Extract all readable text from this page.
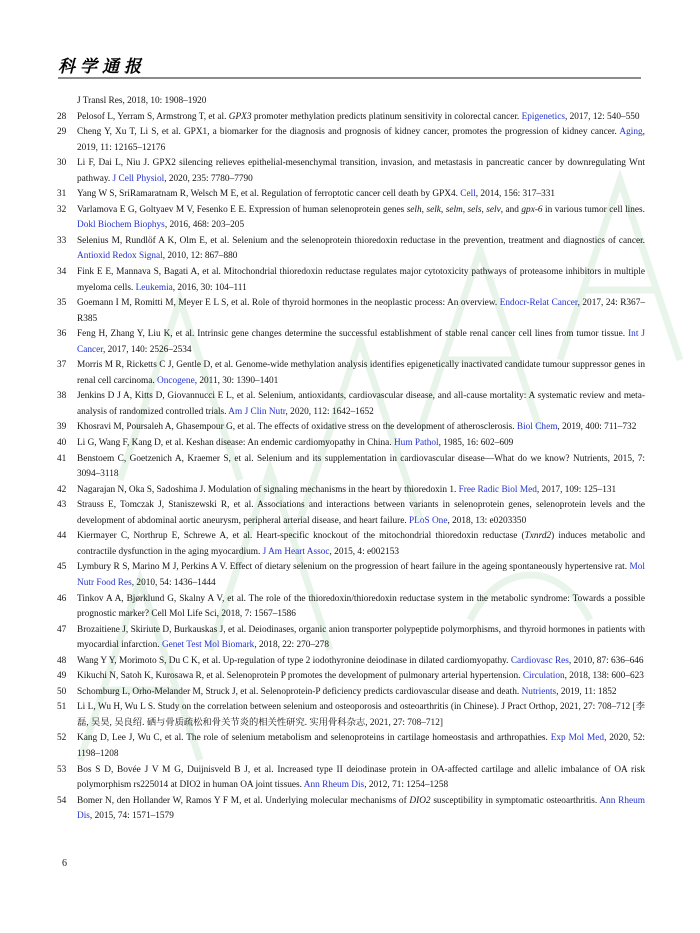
科学通报
J Transl Res, 2018, 10: 1908–1920
28	Pelosof L, Yerram S, Armstrong T, et al. GPX3 promoter methylation predicts platinum sensitivity in colorectal cancer. Epigenetics, 2017, 12: 540–550
29	Cheng Y, Xu T, Li S, et al. GPX1, a biomarker for the diagnosis and prognosis of kidney cancer, promotes the progression of kidney cancer. Aging, 2019, 11: 12165–12176
30	Li F, Dai L, Niu J. GPX2 silencing relieves epithelial-mesenchymal transition, invasion, and metastasis in pancreatic cancer by downregulating Wnt pathway. J Cell Physiol, 2020, 235: 7780–7790
31	Yang W S, SriRamaratnam R, Welsch M E, et al. Regulation of ferroptotic cancer cell death by GPX4. Cell, 2014, 156: 317–331
32	Varlamova E G, Goltyaev M V, Fesenko E E. Expression of human selenoprotein genes selh, selk, selm, sels, selv, and gpx-6 in various tumor cell lines. Dokl Biochem Biophys, 2016, 468: 203–205
33	Selenius M, Rundlöf A K, Olm E, et al. Selenium and the selenoprotein thioredoxin reductase in the prevention, treatment and diagnostics of cancer. Antioxid Redox Signal, 2010, 12: 867–880
34	Fink E E, Mannava S, Bagati A, et al. Mitochondrial thioredoxin reductase regulates major cytotoxicity pathways of proteasome inhibitors in multiple myeloma cells. Leukemia, 2016, 30: 104–111
35	Goemann I M, Romitti M, Meyer E L S, et al. Role of thyroid hormones in the neoplastic process: An overview. Endocr-Relat Cancer, 2017, 24: R367–R385
36	Feng H, Zhang Y, Liu K, et al. Intrinsic gene changes determine the successful establishment of stable renal cancer cell lines from tumor tissue. Int J Cancer, 2017, 140: 2526–2534
37	Morris M R, Ricketts C J, Gentle D, et al. Genome-wide methylation analysis identifies epigenetically inactivated candidate tumour suppressor genes in renal cell carcinoma. Oncogene, 2011, 30: 1390–1401
38	Jenkins D J A, Kitts D, Giovannucci E L, et al. Selenium, antioxidants, cardiovascular disease, and all-cause mortality: A systematic review and meta-analysis of randomized controlled trials. Am J Clin Nutr, 2020, 112: 1642–1652
39	Khosravi M, Poursaleh A, Ghasempour G, et al. The effects of oxidative stress on the development of atherosclerosis. Biol Chem, 2019, 400: 711–732
40	Li G, Wang F, Kang D, et al. Keshan disease: An endemic cardiomyopathy in China. Hum Pathol, 1985, 16: 602–609
41	Benstoem C, Goetzenich A, Kraemer S, et al. Selenium and its supplementation in cardiovascular disease—What do we know? Nutrients, 2015, 7: 3094–3118
42	Nagarajan N, Oka S, Sadoshima J. Modulation of signaling mechanisms in the heart by thioredoxin 1. Free Radic Biol Med, 2017, 109: 125–131
43	Strauss E, Tomczak J, Staniszewski R, et al. Associations and interactions between variants in selenoprotein genes, selenoprotein levels and the development of abdominal aortic aneurysm, peripheral arterial disease, and heart failure. PLoS One, 2018, 13: e0203350
44	Kiermayer C, Northrup E, Schrewe A, et al. Heart-specific knockout of the mitochondrial thioredoxin reductase (Txnrd2) induces metabolic and contractile dysfunction in the aging myocardium. J Am Heart Assoc, 2015, 4: e002153
45	Lymbury R S, Marino M J, Perkins A V. Effect of dietary selenium on the progression of heart failure in the ageing spontaneously hypertensive rat. Mol Nutr Food Res, 2010, 54: 1436–1444
46	Tinkov A A, Bjørklund G, Skalny A V, et al. The role of the thioredoxin/thioredoxin reductase system in the metabolic syndrome: Towards a possible prognostic marker? Cell Mol Life Sci, 2018, 7: 1567–1586
47	Brozaitiene J, Skiriute D, Burkauskas J, et al. Deiodinases, organic anion transporter polypeptide polymorphisms, and thyroid hormones in patients with myocardial infarction. Genet Test Mol Biomark, 2018, 22: 270–278
48	Wang Y Y, Morimoto S, Du C K, et al. Up-regulation of type 2 iodothyronine deiodinase in dilated cardiomyopathy. Cardiovasc Res, 2010, 87: 636–646
49	Kikuchi N, Satoh K, Kurosawa R, et al. Selenoprotein P promotes the development of pulmonary arterial hypertension. Circulation, 2018, 138: 600–623
50	Schomburg L, Orho-Melander M, Struck J, et al. Selenoprotein-P deficiency predicts cardiovascular disease and death. Nutrients, 2019, 11: 1852
51	Li L, Wu H, Wu L S. Study on the correlation between selenium and osteoporosis and osteoarthritis (in Chinese). J Pract Orthop, 2021, 27: 708–712 [李磊, 吴昊, 吴良绍. 硒与骨质疏松和骨关节炎的相关性研究. 实用骨科杂志, 2021, 27: 708–712]
52	Kang D, Lee J, Wu C, et al. The role of selenium metabolism and selenoproteins in cartilage homeostasis and arthropathies. Exp Mol Med, 2020, 52: 1198–1208
53	Bos S D, Bovée J V M G, Duijnisveld B J, et al. Increased type II deiodinase protein in OA-affected cartilage and allelic imbalance of OA risk polymorphism rs225014 at DIO2 in human OA joint tissues. Ann Rheum Dis, 2012, 71: 1254–1258
54	Bomer N, den Hollander W, Ramos Y F M, et al. Underlying molecular mechanisms of DIO2 susceptibility in symptomatic osteoarthritis. Ann Rheum Dis, 2015, 74: 1571–1579
6
